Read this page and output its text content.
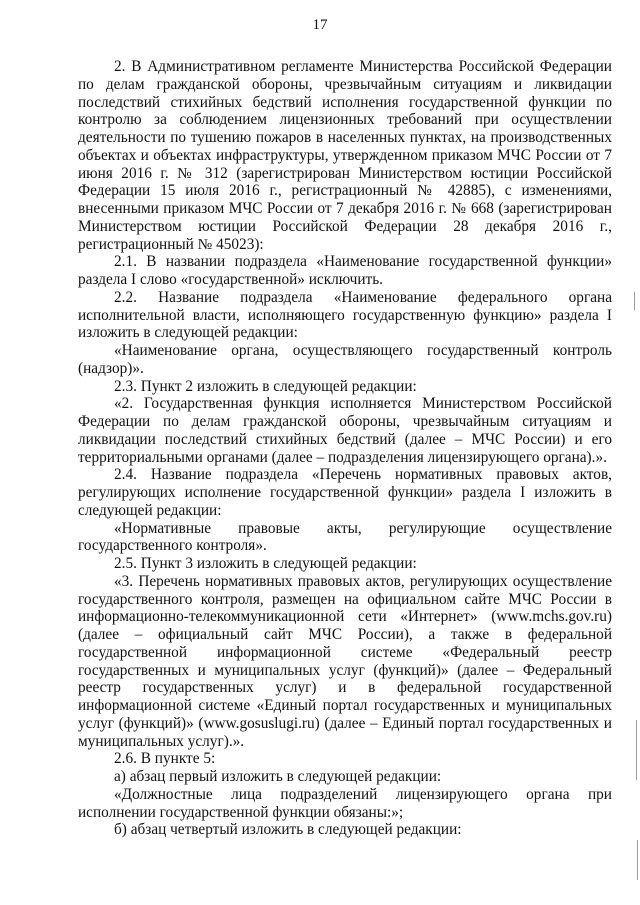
17

2. В Административном регламенте Министерства Российской Федерации по делам гражданской обороны, чрезвычайным ситуациям и ликвидации последствий стихийных бедствий исполнения государственной функции по контролю за соблюдением лицензионных требований при осуществлении деятельности по тушению пожаров в населенных пунктах, на производственных объектах и объектах инфраструктуры, утвержденном приказом МЧС России от 7 июня 2016 г. № 312 (зарегистрирован Министерством юстиции Российской Федерации 15 июля 2016 г., регистрационный № 42885), с изменениями, внесенными приказом МЧС России от 7 декабря 2016 г. № 668 (зарегистрирован Министерством юстиции Российской Федерации 28 декабря 2016 г., регистрационный № 45023):

2.1. В названии подраздела «Наименование государственной функции» раздела I слово «государственной» исключить.

2.2. Название подраздела «Наименование федерального органа исполнительной власти, исполняющего государственную функцию» раздела I изложить в следующей редакции:

«Наименование органа, осуществляющего государственный контроль (надзор)».

2.3. Пункт 2 изложить в следующей редакции:

«2. Государственная функция исполняется Министерством Российской Федерации по делам гражданской обороны, чрезвычайным ситуациям и ликвидации последствий стихийных бедствий (далее – МЧС России) и его территориальными органами (далее – подразделения лицензирующего органа).».

2.4. Название подраздела «Перечень нормативных правовых актов, регулирующих исполнение государственной функции» раздела I изложить в следующей редакции:

«Нормативные правовые акты, регулирующие осуществление государственного контроля».

2.5. Пункт 3 изложить в следующей редакции:

«3. Перечень нормативных правовых актов, регулирующих осуществление государственного контроля, размещен на официальном сайте МЧС России в информационно-телекоммуникационной сети «Интернет» (www.mchs.gov.ru) (далее – официальный сайт МЧС России), а также в федеральной государственной информационной системе «Федеральный реестр государственных и муниципальных услуг (функций)» (далее – Федеральный реестр государственных услуг) и в федеральной государственной информационной системе «Единый портал государственных и муниципальных услуг (функций)» (www.gosuslugi.ru) (далее – Единый портал государственных и муниципальных услуг).».

2.6. В пункте 5:

а) абзац первый изложить в следующей редакции:

«Должностные лица подразделений лицензирующего органа при исполнении государственной функции обязаны:»;

б) абзац четвертый изложить в следующей редакции:
